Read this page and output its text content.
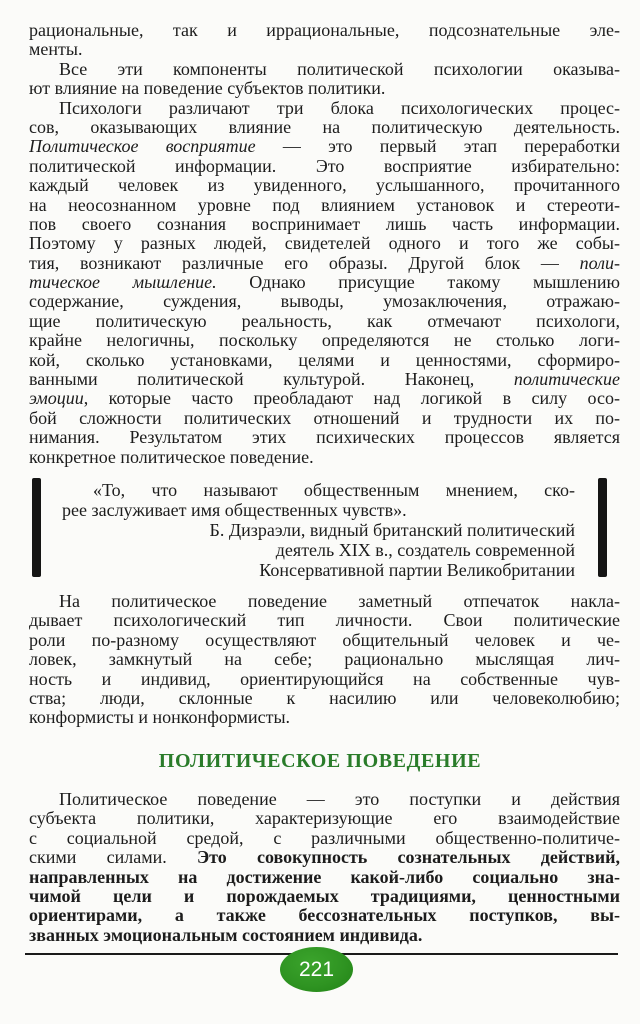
рациональные, так и иррациональные, подсознательные эле-
менты.
Все эти компоненты политической психологии оказыва-
ют влияние на поведение субъектов политики.
Психологи различают три блока психологических процес-
сов, оказывающих влияние на политическую деятельность.
Политическое восприятие — это первый этап переработки
политической информации. Это восприятие избирательно:
каждый человек из увиденного, услышанного, прочитанного
на неосознанном уровне под влиянием установок и стереоти-
пов своего сознания воспринимает лишь часть информации.
Поэтому у разных людей, свидетелей одного и того же собы-
тия, возникают различные его образы. Другой блок — поли-
тическое мышление. Однако присущие такому мышлению
содержание, суждения, выводы, умозаключения, отражаю-
щие политическую реальность, как отмечают психологи,
крайне нелогичны, поскольку определяются не столько логи-
кой, сколько установками, целями и ценностями, сформиро-
ванными политической культурой. Наконец, политические
эмоции, которые часто преобладают над логикой в силу осо-
бой сложности политических отношений и трудности их по-
нимания. Результатом этих психических процессов является
конкретное политическое поведение.
«То, что называют общественным мнением, ско-
рее заслуживает имя общественных чувств».
Б. Дизраэли, видный британский политический
деятель XIX в., создатель современной
Консервативной партии Великобритании
На политическое поведение заметный отпечаток накла-
дывает психологический тип личности. Свои политические
роли по-разному осуществляют общительный человек и че-
ловек, замкнутый на себе; рационально мыслящая лич-
ность и индивид, ориентирующийся на собственные чув-
ства; люди, склонные к насилию или человеколюбию;
конформисты и нонконформисты.
ПОЛИТИЧЕСКОЕ ПОВЕДЕНИЕ
Политическое поведение — это поступки и действия
субъекта политики, характеризующие его взаимодействие
с социальной средой, с различными общественно-политиче-
скими силами. Это совокупность сознательных действий,
направленных на достижение какой-либо социально зна-
чимой цели и порождаемых традициями, ценностными
ориентирами, а также бессознательных поступков, вы-
званных эмоциональным состоянием индивида.
221
